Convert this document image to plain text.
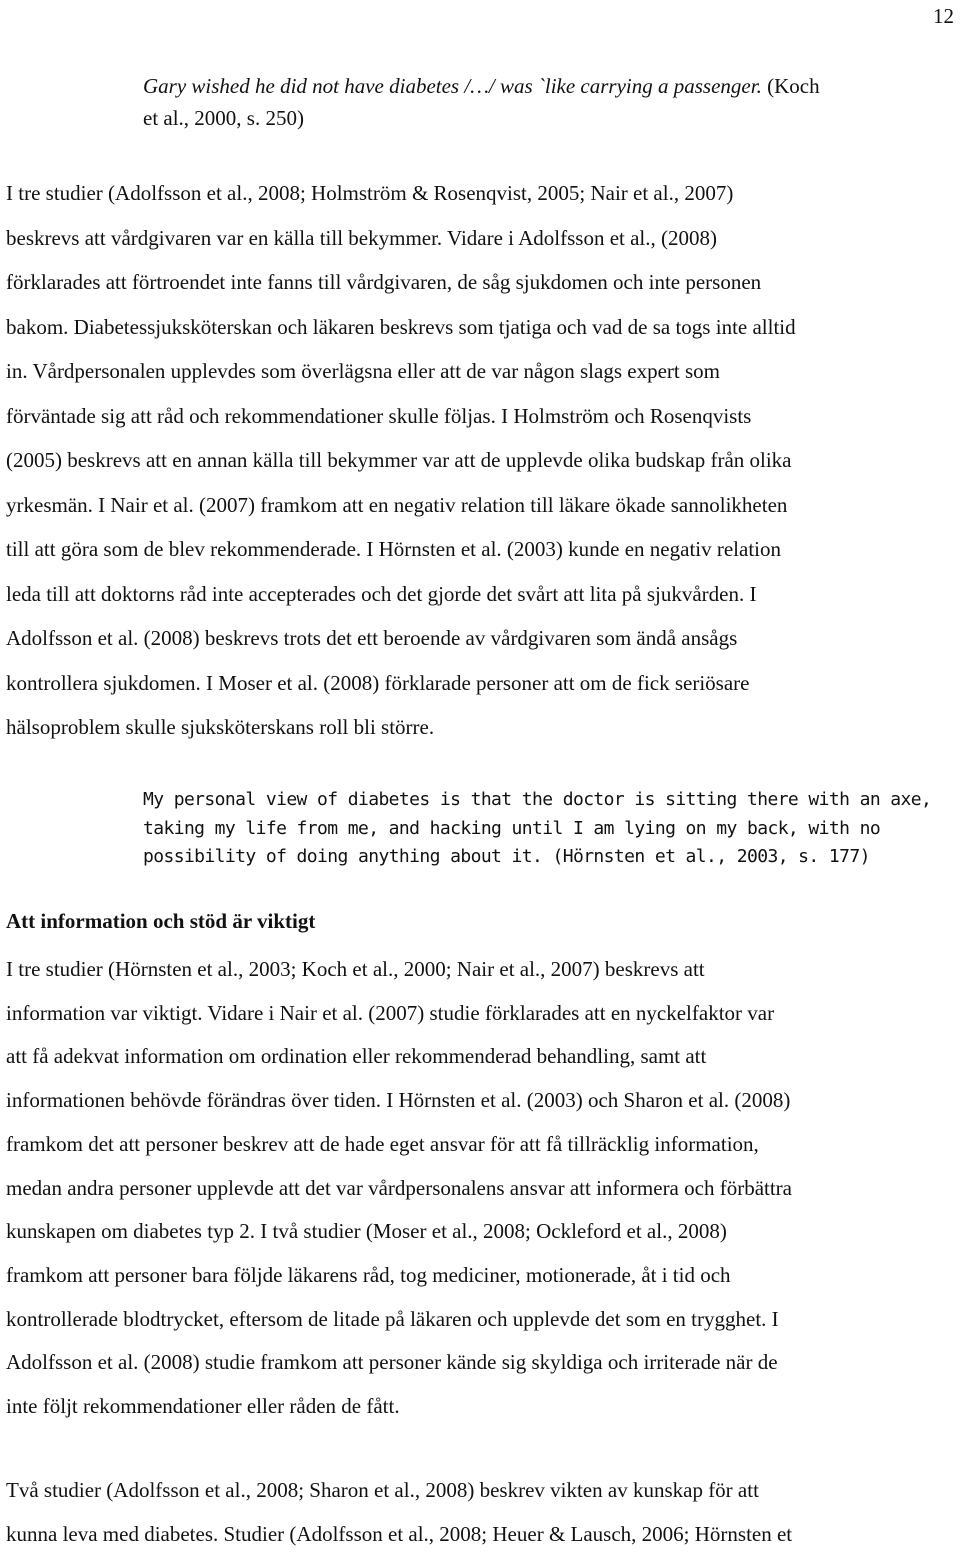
12
Gary wished he did not have diabetes /…/ was `like carrying a passenger. (Koch
et al., 2000, s. 250)
I tre studier (Adolfsson et al., 2008; Holmström & Rosenqvist, 2005; Nair et al., 2007)
beskrevs att vårdgivaren var en källa till bekymmer. Vidare i Adolfsson et al., (2008)
förklarades att förtroendet inte fanns till vårdgivaren, de såg sjukdomen och inte personen
bakom. Diabetessjuksköterskan och läkaren beskrevs som tjatiga och vad de sa togs inte alltid
in. Vårdpersonalen upplevdes som överlägsna eller att de var någon slags expert som
förväntade sig att råd och rekommendationer skulle följas. I Holmström och Rosenqvists
(2005) beskrevs att en annan källa till bekymmer var att de upplevde olika budskap från olika
yrkesmän. I Nair et al. (2007) framkom att en negativ relation till läkare ökade sannolikheten
till att göra som de blev rekommenderade. I Hörnsten et al. (2003) kunde en negativ relation
leda till att doktorns råd inte accepterades och det gjorde det svårt att lita på sjukvården. I
Adolfsson et al. (2008) beskrevs trots det ett beroende av vårdgivaren som ändå ansågs
kontrollera sjukdomen. I Moser et al. (2008) förklarade personer att om de fick seriösare
hälsoproblem skulle sjuksköterskans roll bli större.
My personal view of diabetes is that the doctor is sitting there with an axe,
taking my life from me, and hacking until I am lying on my back, with no
possibility of doing anything about it. (Hörnsten et al., 2003, s. 177)
Att information och stöd är viktigt
I tre studier (Hörnsten et al., 2003; Koch et al., 2000; Nair et al., 2007) beskrevs att
information var viktigt. Vidare i Nair et al. (2007) studie förklarades att en nyckelfaktor var
att få adekvat information om ordination eller rekommenderad behandling, samt att
informationen behövde förändras över tiden. I Hörnsten et al. (2003) och Sharon et al. (2008)
framkom det att personer beskrev att de hade eget ansvar för att få tillräcklig information,
medan andra personer upplevde att det var vårdpersonalens ansvar att informera och förbättra
kunskapen om diabetes typ 2. I två studier (Moser et al., 2008; Ockleford et al., 2008)
framkom att personer bara följde läkarens råd, tog mediciner, motionerade, åt i tid och
kontrollerade blodtrycket, eftersom de litade på läkaren och upplevde det som en trygghet. I
Adolfsson et al. (2008) studie framkom att personer kände sig skyldiga och irriterade när de
inte följt rekommendationer eller råden de fått.
Två studier (Adolfsson et al., 2008; Sharon et al., 2008) beskrev vikten av kunskap för att
kunna leva med diabetes. Studier (Adolfsson et al., 2008; Heuer & Lausch, 2006; Hörnsten et
